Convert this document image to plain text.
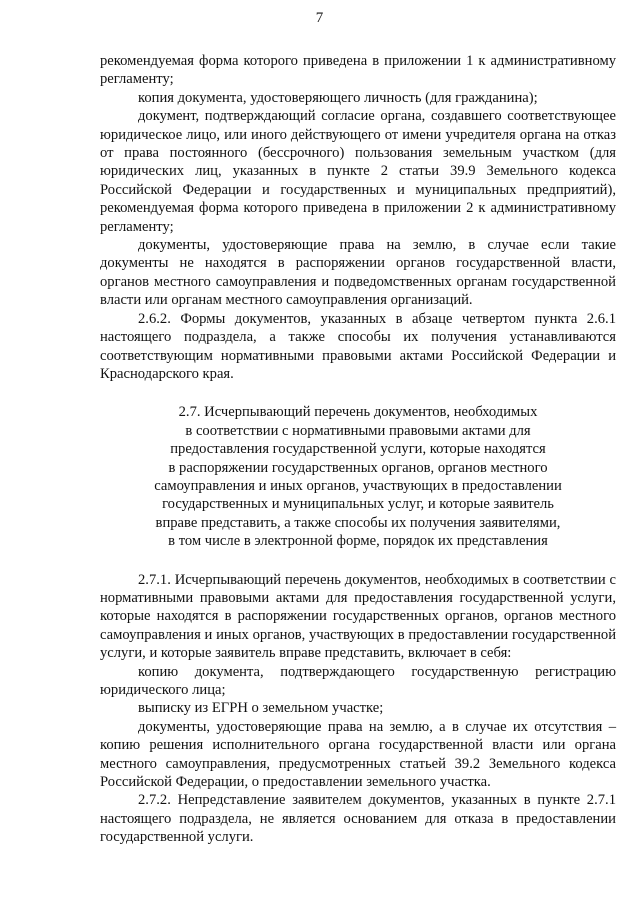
7

рекомендуемая форма которого приведена в приложении 1 к административному регламенту;

копия документа, удостоверяющего личность (для гражданина);

документ, подтверждающий согласие органа, создавшего соответствующее юридическое лицо, или иного действующего от имени учредителя органа на отказ от права постоянного (бессрочного) пользования земельным участком (для юридических лиц, указанных в пункте 2 статьи 39.9 Земельного кодекса Российской Федерации и государственных и муниципальных предприятий), рекомендуемая форма которого приведена в приложении 2 к административному регламенту;

документы, удостоверяющие права на землю, в случае если такие документы не находятся в распоряжении органов государственной власти, органов местного самоуправления и подведомственных органам государственной власти или органам местного самоуправления организаций.

2.6.2. Формы документов, указанных в абзаце четвертом пункта 2.6.1 настоящего подраздела, а также способы их получения устанавливаются соответствующим нормативными правовыми актами Российской Федерации и Краснодарского края.

2.7. Исчерпывающий перечень документов, необходимых
в соответствии с нормативными правовыми актами для
предоставления государственной услуги, которые находятся
в распоряжении государственных органов, органов местного
самоуправления и иных органов, участвующих в предоставлении
государственных и муниципальных услуг, и которые заявитель
вправе представить, а также способы их получения заявителями,
в том числе в электронной форме, порядок их представления

2.7.1. Исчерпывающий перечень документов, необходимых в соответствии с нормативными правовыми актами для предоставления государственной услуги, которые находятся в распоряжении государственных органов, органов местного самоуправления и иных органов, участвующих в предоставлении государственной услуги, и которые заявитель вправе представить, включает в себя:

копию документа, подтверждающего государственную регистрацию юридического лица;

выписку из ЕГРН о земельном участке;

документы, удостоверяющие права на землю, а в случае их отсутствия – копию решения исполнительного органа государственной власти или органа местного самоуправления, предусмотренных статьей 39.2 Земельного кодекса Российской Федерации, о предоставлении земельного участка.

2.7.2. Непредставление заявителем документов, указанных в пункте 2.7.1 настоящего подраздела, не является основанием для отказа в предоставлении государственной услуги.
